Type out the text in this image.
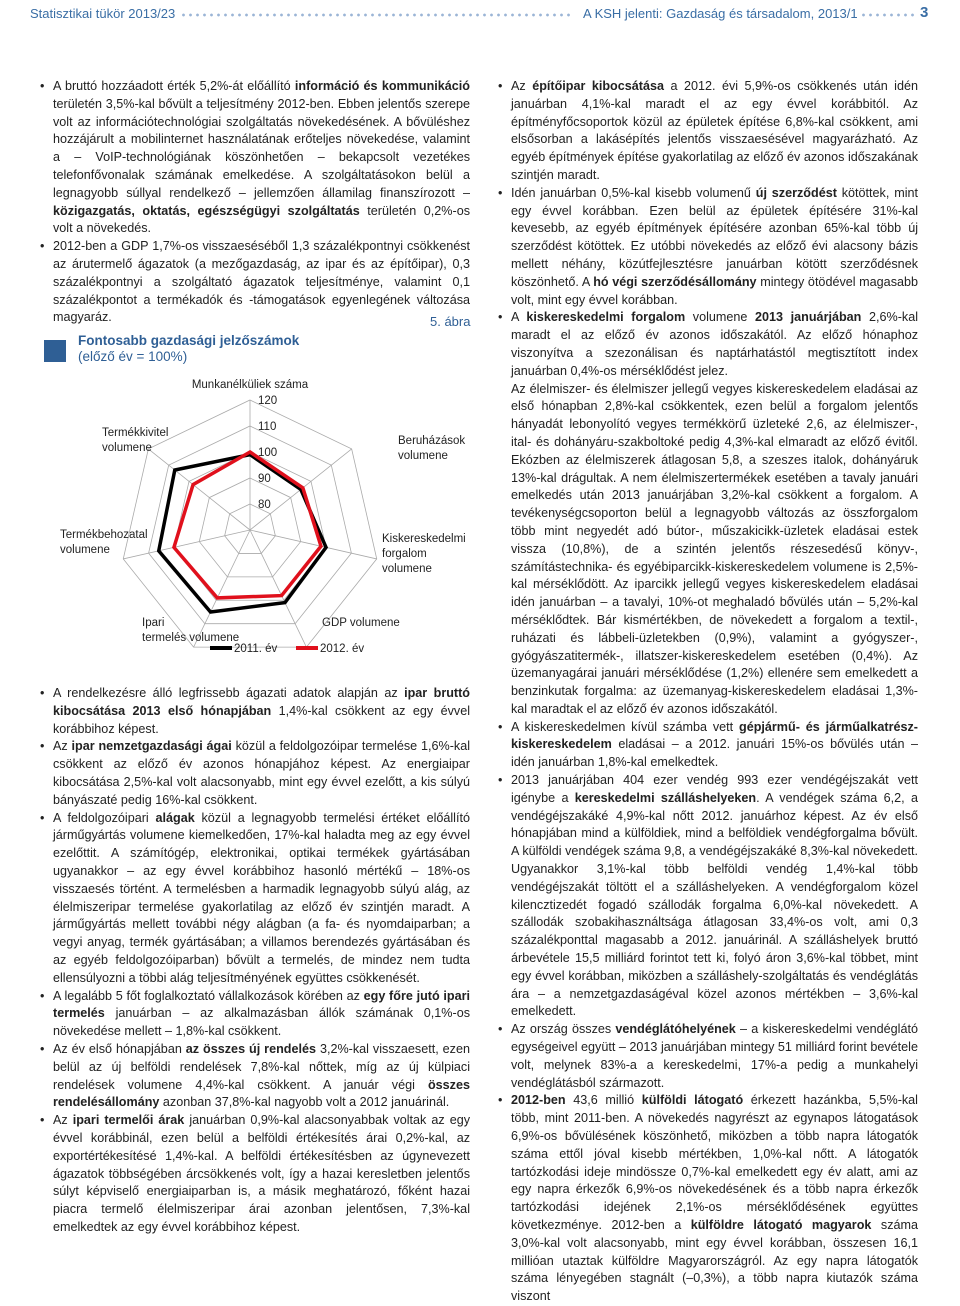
Statisztikai tükör 2013/23	A KSH jelenti: Gazdaság és társadalom, 2013/1	3

• A bruttó hozzáadott érték 5,2%-át előállító információ és kommunikáció területén 3,5%-kal bővült a teljesítmény 2012-ben. Ebben jelentős szerepe volt az információtechnológiai szolgáltatás növekedésének. A bővüléshez hozzájárult a mobilinternet használatának erőteljes növekedése, valamint a – VoIP-technológiának köszönhetően – bekapcsolt vezetékes telefonfővonalak számának emelkedése. A szolgáltatásokon belül a legnagyobb súllyal rendelkező – jellemzően államilag finanszírozott – közigazgatás, oktatás, egészségügyi szolgáltatás területén 0,2%-os volt a növekedés.

• 2012-ben a GDP 1,7%-os visszaeséséből 1,3 százalékpontnyi csökkenést az árutermelő ágazatok (a mezőgazdaság, az ipar és az építőipar), 0,3 százalékpontnyi a szolgáltató ágazatok teljesítménye, valamint 0,1 százalékpontot a termékadók és -támogatások egyenlegének változása magyaráz.	5. ábra
Fontosabb gazdasági jelzőszámok
(előző év = 100%)
80
90
100
110
120
Munkanélküliek száma
Beruházások volumene
Kiskereskedelmi forgalom volumene
GDP volumene
Ipari termelés volumene
Termékbehozatal volumene
Termékkivitel volumene
2011. év	2012. év

• A rendelkezésre álló legfrissebb ágazati adatok alapján az ipar bruttó kibocsátása 2013 első hónapjában 1,4%-kal csökkent az egy évvel korábbihoz képest.

• Az ipar nemzetgazdasági ágai közül a feldolgozóipar termelése 1,6%-kal csökkent az előző év azonos hónapjához képest. Az energiaipar kibocsátása 2,5%-kal volt alacsonyabb, mint egy évvel ezelőtt, a kis súlyú bányászaté pedig 16%-kal csökkent.

• A feldolgozóipari alágak közül a legnagyobb termelési értéket előállító járműgyártás volumene kiemelkedően, 17%-kal haladta meg az egy évvel ezelőttit. A számítógép, elektronikai, optikai termékek gyártásában ugyanakkor – az egy évvel korábbihoz hasonló mértékű – 18%-os visszaesés történt. A termelésben a harmadik legnagyobb súlyú alág, az élelmiszeripar termelése gyakorlatilag az előző év szintjén maradt. A járműgyártás mellett további négy alágban (a fa- és nyomdaiparban; a vegyi anyag, termék gyártásában; a villamos berendezés gyártásában és az egyéb feldolgozóiparban) bővült a termelés, de mindez nem tudta ellensúlyozni a többi alág teljesítményének együttes csökkenését.

• A legalább 5 főt foglalkoztató vállalkozások körében az egy főre jutó ipari termelés januárban – az alkalmazásban állók számának 0,1%-os növekedése mellett – 1,8%-kal csökkent.

• Az év első hónapjában az összes új rendelés 3,2%-kal visszaesett, ezen belül az új belföldi rendelések 7,8%-kal nőttek, míg az új külpiaci rendelések volumene 4,4%-kal csökkent. A január végi összes rendelésállomány azonban 37,8%-kal nagyobb volt a 2012 januárinál.

• Az ipari termelői árak januárban 0,9%-kal alacsonyabbak voltak az egy évvel korábbinál, ezen belül a belföldi értékesítés árai 0,2%-kal, az exportértékesítésé 1,4%-kal. A belföldi értékesítésben az úgynevezett ágazatok többségében árcsökkenés volt, így a hazai keresletben jelentős súlyt képviselő energiaiparban is, a másik meghatározó, főként hazai piacra termelő élelmiszeripar árai azonban jelentősen, 7,3%-kal emelkedtek az egy évvel korábbihoz képest.

• Az építőipar kibocsátása a 2012. évi 5,9%-os csökkenés után idén januárban 4,1%-kal maradt el az egy évvel korábbitól. Az építményfőcsoportok közül az épületek építése 6,8%-kal csökkent, ami elsősorban a lakásépítés jelentős visszaesésével magyarázható. Az egyéb építmények építése gyakorlatilag az előző év azonos időszakának szintjén maradt.

• Idén januárban 0,5%-kal kisebb volumenű új szerződést kötöttek, mint egy évvel korábban. Ezen belül az épületek építésére 31%-kal kevesebb, az egyéb építmények építésére azonban 65%-kal több új szerződést kötöttek. Ez utóbbi növekedés az előző évi alacsony bázis mellett néhány, közútfejlesztésre januárban kötött szerződésnek köszönhető. A hó végi szerződésállomány mintegy ötödével magasabb volt, mint egy évvel korábban.

• A kiskereskedelmi forgalom volumene 2013 januárjában 2,6%-kal maradt el az előző év azonos időszakától. Az előző hónaphoz viszonyítva a szezonálisan és naptárhatástól megtisztított index januárban 0,4%-os mérséklődést jelez.

Az élelmiszer- és élelmiszer jellegű vegyes kiskereskedelem eladásai az első hónapban 2,8%-kal csökkentek, ezen belül a forgalom jelentős hányadát lebonyolító vegyes termékkörű üzleteké 2,6, az élelmiszer-, ital- és dohányáru-szakboltoké pedig 4,3%-kal elmaradt az előző évitől. Ekózben az élelmiszerek átlagosan 5,8, a szeszes italok, dohányáruk 13%-kal drágultak. A nem élelmiszertermékek esetében a tavaly januári emelkedés után 2013 januárjában 3,2%-kal csökkent a forgalom. A tevékenységcsoporton belül a legnagyobb változás az összforgalom több mint negyedét adó bútor-, műszakicikk-üzletek eladásai estek vissza (10,8%), de a szintén jelentős részesedésű könyv-, számítástechnika- és egyébiparcikk-kiskereskedelem volumene is 2,5%-kal mérséklődött. Az iparcikk jellegű vegyes kiskereskedelem eladásai idén januárban – a tavalyi, 10%-ot meghaladó bővülés után – 5,2%-kal mérséklődtek. Bár kismértékben, de növekedett a forgalom a textil-, ruházati és lábbeli-üzletekben (0,9%), valamint a gyógyszer-, gyógyászatitermék-, illatszer-kiskereskedelem esetében (0,4%). Az üzemanyagárai januári mérséklődése (1,2%) ellenére sem emelkedett a benzinkutak forgalma: az üzemanyag-kiskereskedelem eladásai 1,3%-kal maradtak el az előző év azonos időszakától.

• A kiskereskedelmen kívül számba vett gépjármű- és járműalkatrész-kiskereskedelem eladásai – a 2012. januári 15%-os bővülés után – idén januárban 1,8%-kal emelkedtek.

• 2013 januárjában 404 ezer vendég 993 ezer vendégéjszakát vett igénybe a kereskedelmi szálláshelyeken. A vendégek száma 6,2, a vendégéjszakáké 4,9%-kal nőtt 2012. januárhoz képest. Az év első hónapjában mind a külföldiek, mind a belföldiek vendégforgalma bővült. A külföldi vendégek száma 9,8, a vendégéjszakáké 8,3%-kal növekedett. Ugyanakkor 3,1%-kal több belföldi vendég 1,4%-kal több vendégéjszakát töltött el a szálláshelyeken. A vendégforgalom közel kilencztizedét fogadó szállodák forgalma 6,0%-kal növekedett. A szállodák szobakihasználtsága átlagosan 33,4%-os volt, ami 0,3 százalékponttal magasabb a 2012. januárinál. A szálláshelyek bruttó árbevétele 15,5 milliárd forintot tett ki, folyó áron 3,6%-kal többet, mint egy évvel korábban, miközben a szálláshely-szolgáltatás és vendéglátás ára – a nemzetgazdaságéval közel azonos mértékben – 3,6%-kal emelkedett.

• Az ország összes vendéglátóhelyének – a kiskereskedelmi vendéglátó egységeivel együtt – 2013 januárjában mintegy 51 milliárd forint bevétele volt, melynek 83%-a a kereskedelmi, 17%-a pedig a munkahelyi vendéglátásból származott.

• 2012-ben 43,6 millió külföldi látogató érkezett hazánkba, 5,5%-kal több, mint 2011-ben. A növekedés nagyrészt az egynapos látogatások 6,9%-os bővülésének köszönhető, miközben a több napra látogatók száma ettől jóval kisebb mértékben, 1,0%-kal nőtt. A látogatók tartózkodási ideje mindössze 0,7%-kal emelkedett egy év alatt, ami az egy napra érkezők 6,9%-os növekedésének és a több napra érkezők tartózkodási idejének 2,1%-os mérséklődésének együttes következménye. 2012-ben a külföldre látogató magyarok száma 3,0%-kal volt alacsonyabb, mint egy évvel korábban, összesen 16,1 millióan utaztak külföldre Magyarországról. Az egy napra látogatók száma lényegében stagnált (–0,3%), a több napra kiutazók száma viszont
